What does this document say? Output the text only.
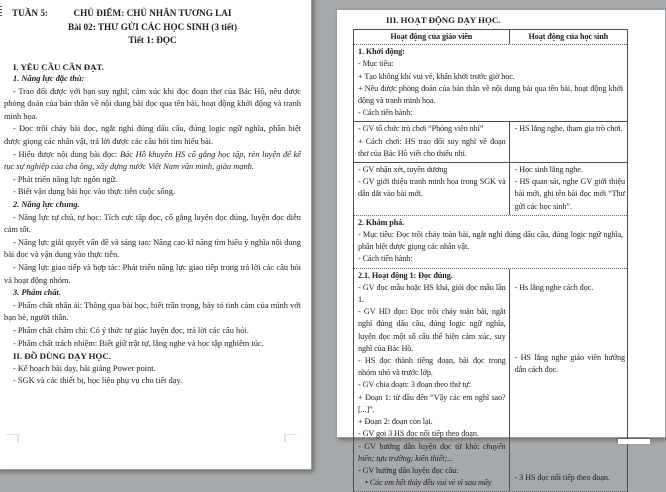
TUẦN 5:	CHỦ ĐIỂM: CHỦ NHÂN TƯƠNG LAI
Bài 02: THƯ GỬI CÁC HỌC SINH (3 tiết)
Tiết 1: ĐỌC

I. YÊU CẦU CẦN ĐẠT.

1. Năng lực đặc thù:

- Trao đổi được với bạn suy nghĩ, cảm xúc khi đọc đoạn thơ của Bác Hồ, nêu được phỏng đoán của bản thân về nội dung bài đọc qua tên bài, hoạt động khởi động và tranh minh họa.

- Đọc trôi chảy bài đọc, ngắt nghỉ đúng dấu câu, đúng logic ngữ nghĩa, phân biệt được giọng các nhân vật, trả lời được các câu hỏi tìm hiểu bài.

- Hiểu được nội dung bài đọc: Bác Hồ khuyên HS cố gắng học tập, rèn luyện để kế tục sự nghiệp của cha ông, xây dựng nước Việt Nam văn minh, giàu mạnh.

- Phát triển năng lực ngôn ngữ.

- Biết vận dụng bài học vào thực tiễn cuộc sống.

2. Năng lực chung.

- Năng lực tự chủ, tự học: Tích cực tập đọc, cố gắng luyện đọc đúng, luyện đọc diễn cảm tốt.

- Năng lực giải quyết vấn đề và sáng tạo: Nâng cao kĩ năng tìm hiểu ý nghĩa nội dung bài đọc và vận dụng vào thực tiễn.

- Năng lực giao tiếp và hợp tác: Phát triển năng lực giao tiếp trong trả lời các câu hỏi và hoạt động nhóm.

3. Phẩm chất.

- Phẩm chất nhân ái: Thông qua bài học, biết trân trọng, bày tỏ tình cảm của mình với bạn bè, người thân.

- Phẩm chất chăm chỉ: Có ý thức tự giác luyện đọc, trả lời các câu hỏi.

- Phẩm chất trách nhiệm: Biết giữ trật tự, lắng nghe và học tập nghiêm túc.

II. ĐỒ DÙNG DẠY HỌC.

- Kế hoạch bài dạy, bài giảng Power point.

- SGK và các thiết bị, học liệu phụ vụ cho tiết dạy.

III. HOẠT ĐỘNG DẠY HỌC.
Hoạt động của giáo viên	Hoạt động của học sinh
1. Khởi động:
- Mục tiêu:
+ Tạo không khí vui vẻ, khấn khởi trước giờ học.
+ Nêu được phỏng đoán của bản thân về nội dung bài qua tên bài, hoạt động khởi động và tranh minh họa.
- Cách tiến hành:
- GV tổ chức trò chơi “Phóng viên nhí”
+ Cách chơi: HS trao đổi suy nghĩ về đoạn thơ của Bác Hồ viết cho thiếu nhi.
- HS lắng nghe, tham gia trò chơi.
- GV nhận xét, tuyên dương
- GV giới thiệu tranh minh họa trong SGK và dẫn dắt vào bài mới.
- Học sinh lắng nghe.
- HS quan sát, nghe GV giới thiệu bài mới, ghi tên bài đọc mới “Thư gửi các học sinh”.
2. Khám phá.
- Mục tiêu: Đọc trôi chảy toàn bài, ngắt nghỉ đúng dấu câu, đúng logic ngữ nghĩa, phân biệt được giọng các nhân vật.
- Cách tiến hành:
2.1. Hoạt động 1: Đọc đúng.
- GV đọc mẫu hoặc HS khá, giỏi đọc mẫu lần 1.
- GV HD đọc: Đọc trôi chảy toàn bài, ngắt nghỉ đúng dấu câu, đúng logic ngữ nghĩa, luyện đọc một số câu thể hiện cảm xúc, suy nghĩ của Bác Hồ.
- HS đọc thành tiếng đoạn, bài đọc trong nhóm nhỏ và trước lớp.
- GV chia đoạn: 3 đoạn theo thứ tự:
+ Đoạn 1: từ đầu đến “Vậy các em nghĩ sao? [...]”.
+ Đoạn 2: đoạn còn lại.
- GV gọi 3 HS đọc nối tiếp theo đoạn.
- GV hướng dẫn luyện đọc từ khó: chuyển biến; tựu trường; kiến thiết;...
- GV hướng dẫn luyện đọc câu:
• Các em hết thảy đều vui vẻ vì sau mấy
- Hs lắng nghe cách đọc.
- HS lắng nghe giáo viên hướng dẫn cách đọc.
- 3 HS đọc nối tiếp theo đoạn.
